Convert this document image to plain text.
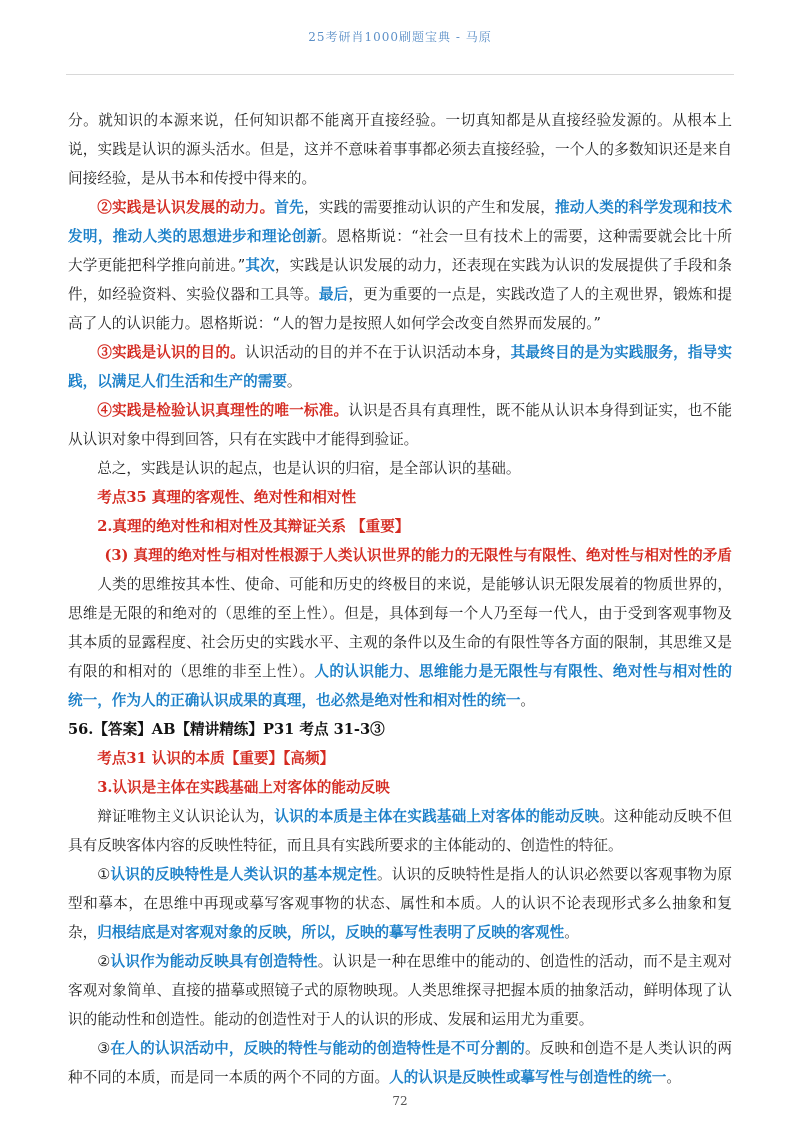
25考研肖1000刷题宝典 - 马原

分。就知识的本源来说，任何知识都不能离开直接经验。一切真知都是从直接经验发源的。从根本上说，实践是认识的源头活水。但是，这并不意味着事事都必须去直接经验，一个人的多数知识还是来自间接经验，是从书本和传授中得来的。

②实践是认识发展的动力。首先，实践的需要推动认识的产生和发展，推动人类的科学发现和技术发明，推动人类的思想进步和理论创新。恩格斯说：“社会一旦有技术上的需要，这种需要就会比十所大学更能把科学推向前进。”其次，实践是认识发展的动力，还表现在实践为认识的发展提供了手段和条件，如经验资料、实验仪器和工具等。最后，更为重要的一点是，实践改造了人的主观世界，锻炼和提高了人的认识能力。恩格斯说：“人的智力是按照人如何学会改变自然界而发展的。”

③实践是认识的目的。认识活动的目的并不在于认识活动本身，其最终目的是为实践服务，指导实践，以满足人们生活和生产的需要。

④实践是检验认识真理性的唯一标准。认识是否具有真理性，既不能从认识本身得到证实，也不能从认识对象中得到回答，只有在实践中才能得到验证。

总之，实践是认识的起点，也是认识的归宿，是全部认识的基础。

考点35 真理的客观性、绝对性和相对性

2.真理的绝对性和相对性及其辩证关系 【重要】

(3) 真理的绝对性与相对性根源于人类认识世界的能力的无限性与有限性、绝对性与相对性的矛盾

人类的思维按其本性、使命、可能和历史的终极目的来说，是能够认识无限发展着的物质世界的，思维是无限的和绝对的（思维的至上性）。但是，具体到每一个人乃至每一代人，由于受到客观事物及其本质的显露程度、社会历史的实践水平、主观的条件以及生命的有限性等各方面的限制，其思维又是有限的和相对的（思维的非至上性）。人的认识能力、思维能力是无限性与有限性、绝对性与相对性的统一，作为人的正确认识成果的真理，也必然是绝对性和相对性的统一。

56.【答案】AB【精讲精练】P31 考点 31-3③

考点31 认识的本质【重要】【高频】

3.认识是主体在实践基础上对客体的能动反映

辩证唯物主义认识论认为，认识的本质是主体在实践基础上对客体的能动反映。这种能动反映不但具有反映客体内容的反映性特征，而且具有实践所要求的主体能动的、创造性的特征。

①认识的反映特性是人类认识的基本规定性。认识的反映特性是指人的认识必然要以客观事物为原型和摹本，在思维中再现或摹写客观事物的状态、属性和本质。人的认识不论表现形式多么抽象和复杂，归根结底是对客观对象的反映，所以，反映的摹写性表明了反映的客观性。

②认识作为能动反映具有创造特性。认识是一种在思维中的能动的、创造性的活动，而不是主观对客观对象简单、直接的描摹或照镜子式的原物映现。人类思维探寻把握本质的抽象活动，鲜明体现了认识的能动性和创造性。能动的创造性对于人的认识的形成、发展和运用尤为重要。

③在人的认识活动中，反映的特性与能动的创造特性是不可分割的。反映和创造不是人类认识的两种不同的本质，而是同一本质的两个不同的方面。人的认识是反映性或摹写性与创造性的统一。

72
